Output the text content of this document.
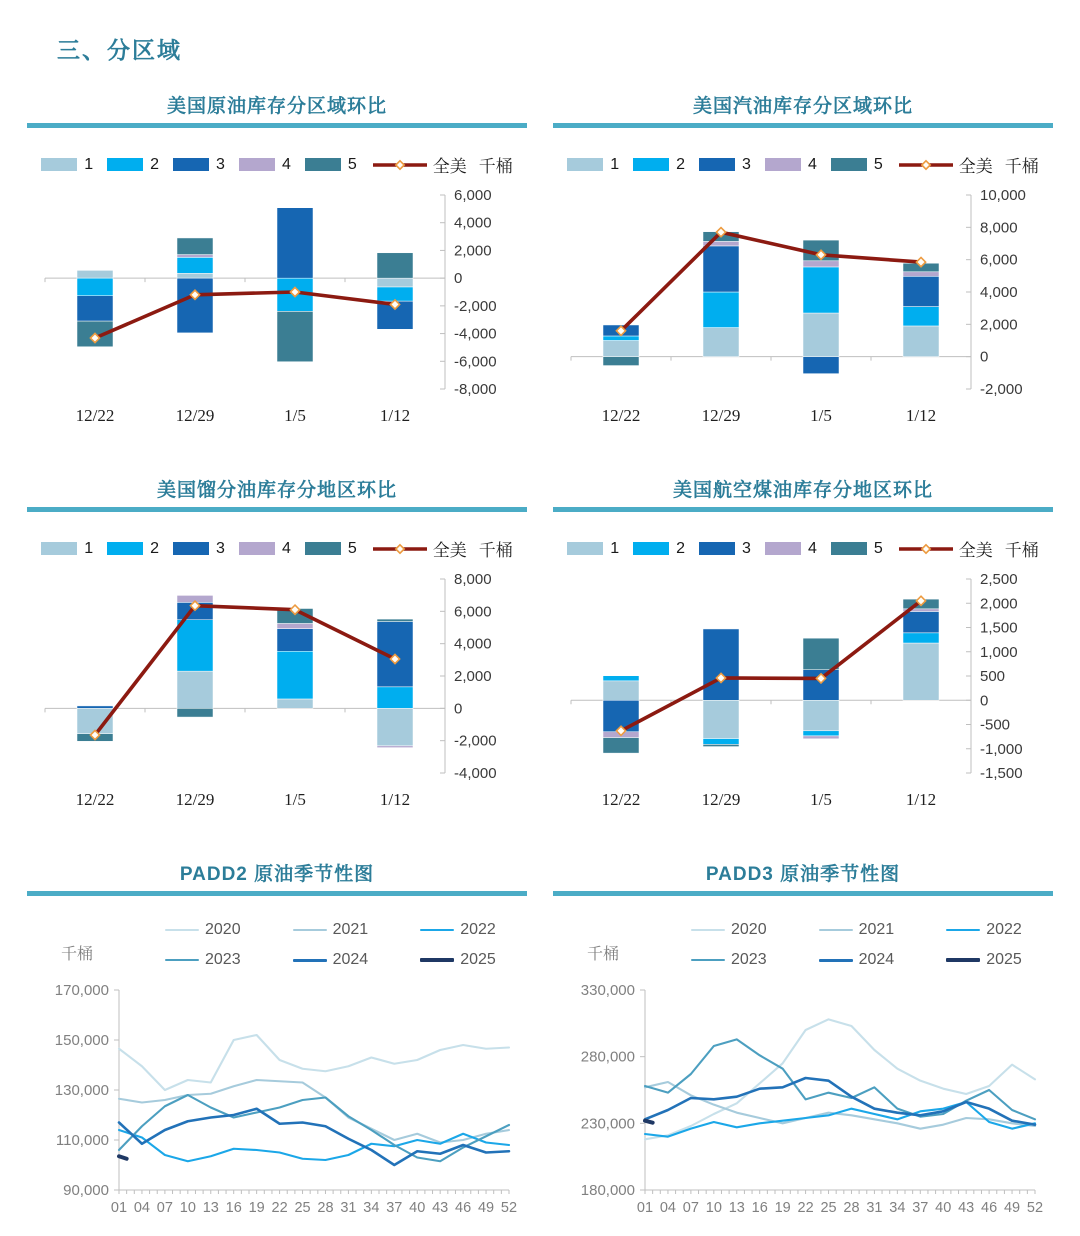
三、分区域
美国原油库存分区域环比
1	2	3	4	5	全美 千桶
6,000
4,000
2,000
0
-2,000
-4,000
-6,000
-8,000
12/22	12/29	1/5	1/12
美国汽油库存分区域环比
1	2	3	4	5	全美 千桶
10,000
8,000
6,000
4,000
2,000
0
-2,000
12/22	12/29	1/5	1/12
美国馏分油库存分地区环比
1	2	3	4	5	全美 千桶
8,000
6,000
4,000
2,000
0
-2,000
-4,000
12/22	12/29	1/5	1/12
美国航空煤油库存分地区环比
1	2	3	4	5	全美 千桶
2,500
2,000
1,500
1,000
500
0
-500
-1,000
-1,500
12/22	12/29	1/5	1/12
PADD2 原油季节性图
千桶
2020	2021	2022
2023	2024	2025
170,000
150,000
130,000
110,000
90,000
01 04 07 10 13 16 19 22 25 28 31 34 37 40 43 46 49 52
PADD3 原油季节性图
千桶
2020	2021	2022
2023	2024	2025
330,000
280,000
230,000
180,000
01 04 07 10 13 16 19 22 25 28 31 34 37 40 43 46 49 52
